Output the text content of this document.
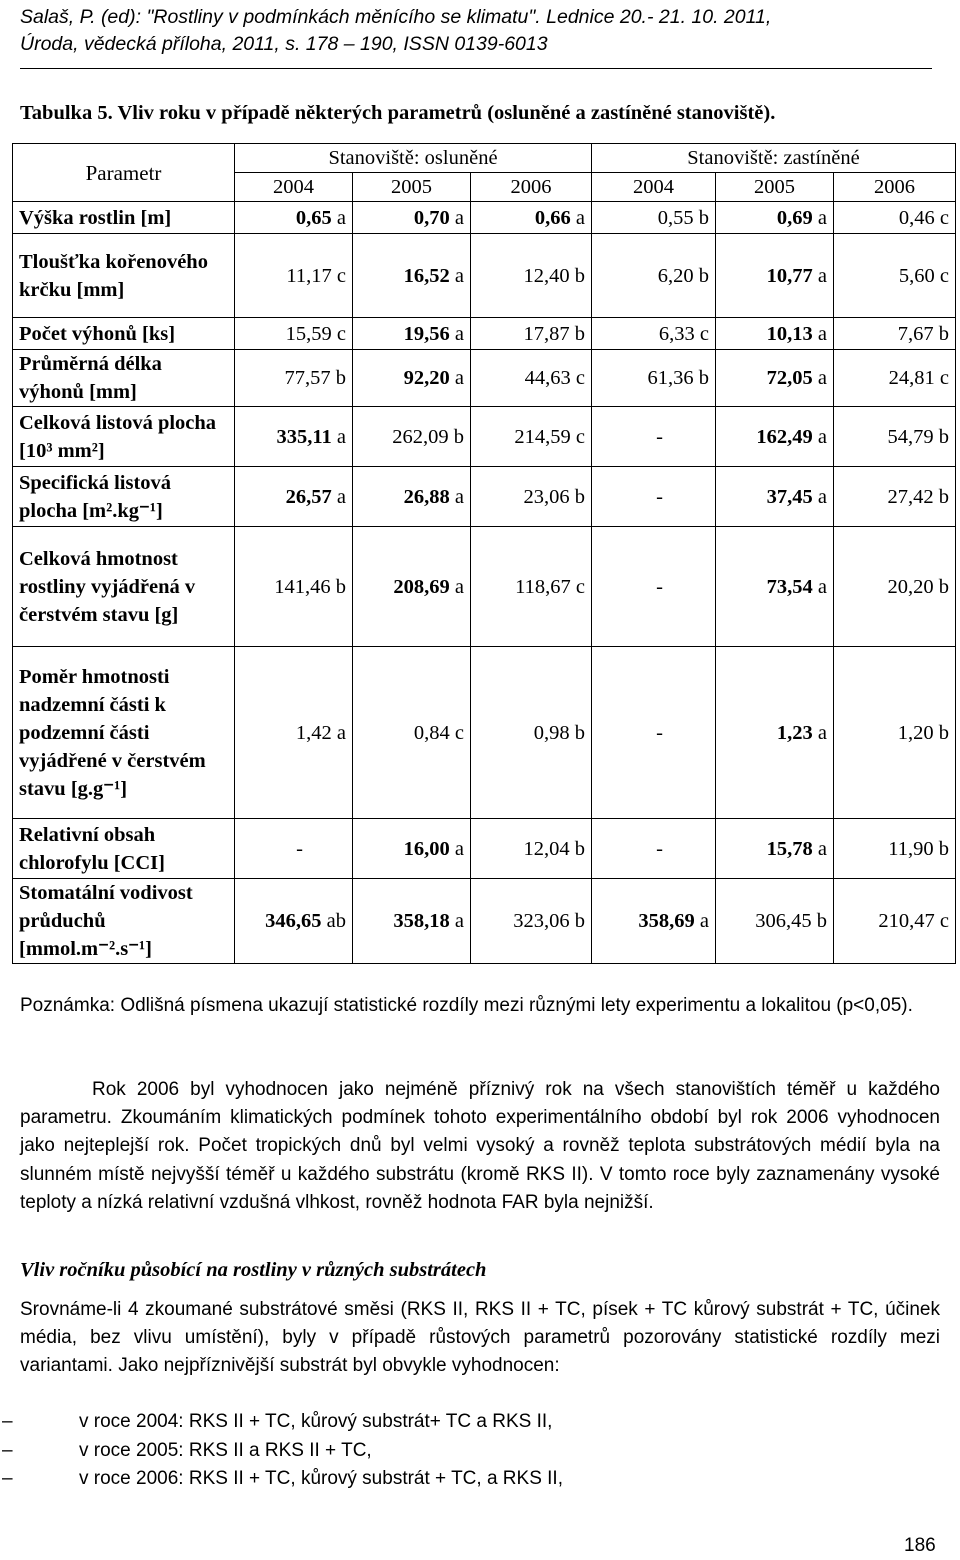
Salaš, P. (ed): "Rostliny v podmínkách měnícího se klimatu". Lednice 20.- 21. 10. 2011,
Úroda, vědecká příloha, 2011, s. 178 – 190, ISSN 0139-6013
Tabulka 5. Vliv roku v případě některých parametrů (osluněné a zastíněné stanoviště).
Parametr	Stanoviště: osluněné			Stanoviště: zastíněné		
	2004	2005	2006	2004	2005	2006
Výška rostlin [m]	0,65 a	0,70 a	0,66 a	0,55 b	0,69 a	0,46 c
Tloušťka kořenového krčku [mm]	11,17 c	16,52 a	12,40 b	6,20 b	10,77 a	5,60 c
Počet výhonů [ks]	15,59 c	19,56 a	17,87 b	6,33 c	10,13 a	7,67 b
Průměrná délka výhonů [mm]	77,57 b	92,20 a	44,63 c	61,36 b	72,05 a	24,81 c
Celková listová plocha [10³ mm²]	335,11 a	262,09 b	214,59 c	-	162,49 a	54,79 b
Specifická listová plocha [m².kg⁻¹]	26,57 a	26,88 a	23,06 b	-	37,45 a	27,42 b
Celková hmotnost rostliny vyjádřená v čerstvém stavu [g]	141,46 b	208,69 a	118,67 c	-	73,54 a	20,20 b
Poměr hmotnosti nadzemní části k podzemní části vyjádřené v čerstvém stavu [g.g⁻¹]	1,42 a	0,84 c	0,98 b	-	1,23 a	1,20 b
Relativní obsah chlorofylu [CCI]	-	16,00 a	12,04 b	-	15,78 a	11,90 b
Stomatální vodivost průduchů [mmol.m⁻².s⁻¹]	346,65 ab	358,18 a	323,06 b	358,69 a	306,45 b	210,47 c
Poznámka: Odlišná písmena ukazují statistické rozdíly mezi různými lety experimentu a lokalitou (p<0,05).
Rok 2006 byl vyhodnocen jako nejméně příznivý rok na všech stanovištích téměř u každého parametru. Zkoumáním klimatických podmínek tohoto experimentálního období byl rok 2006 vyhodnocen jako nejteplejší rok. Počet tropických dnů byl velmi vysoký a rovněž teplota substrátových médií byla na slunném místě nejvyšší téměř u každého substrátu (kromě RKS II). V tomto roce byly zaznamenány vysoké teploty a nízká relativní vzdušná vlhkost, rovněž hodnota FAR byla nejnižší.
Vliv ročníku působící na rostliny v různých substrátech
Srovnáme-li 4 zkoumané substrátové směsi (RKS II, RKS II + TC, písek + TC kůrový substrát + TC, účinek média, bez vlivu umístění), byly v případě růstových parametrů pozorovány statistické rozdíly mezi variantami. Jako nejpříznivější substrát byl obvykle vyhodnocen:
–	v roce 2004: RKS II + TC, kůrový substrát+ TC a RKS II,
–	v roce 2005: RKS II a RKS II + TC,
–	v roce 2006: RKS II + TC, kůrový substrát + TC, a RKS II,
186
